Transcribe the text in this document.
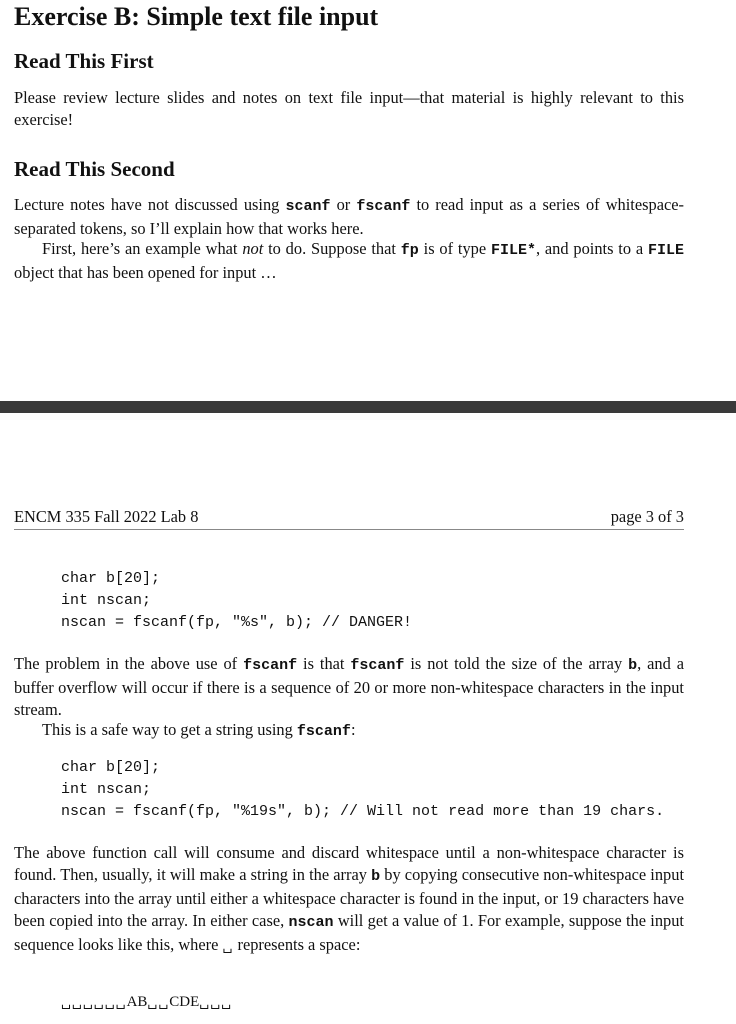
Exercise B: Simple text file input
Read This First

Please review lecture slides and notes on text file input—that material is highly relevant to this exercise!

Read This Second

Lecture notes have not discussed using scanf or fscanf to read input as a series of whitespace-separated tokens, so I’ll explain how that works here.

First, here’s an example what not to do. Suppose that fp is of type FILE*, and points to a FILE object that has been opened for input …

ENCM 335 Fall 2022 Lab 8	page 3 of 3
char b[20];
int nscan;
nscan = fscanf(fp, "%s", b); // DANGER!

The problem in the above use of fscanf is that fscanf is not told the size of the array b, and a buffer overflow will occur if there is a sequence of 20 or more non-whitespace characters in the input stream.

This is a safe way to get a string using fscanf:

char b[20];
int nscan;
nscan = fscanf(fp, "%19s", b); // Will not read more than 19 chars.

The above function call will consume and discard whitespace until a non-whitespace character is found. Then, usually, it will make a string in the array b by copying consecutive non-whitespace input characters into the array until either a whitespace character is found in the input, or 19 characters have been copied into the array. In either case, nscan will get a value of 1. For example, suppose the input sequence looks like this, where ␣ represents a space:

␣␣␣␣␣␣AB␣␣CDE␣␣␣
